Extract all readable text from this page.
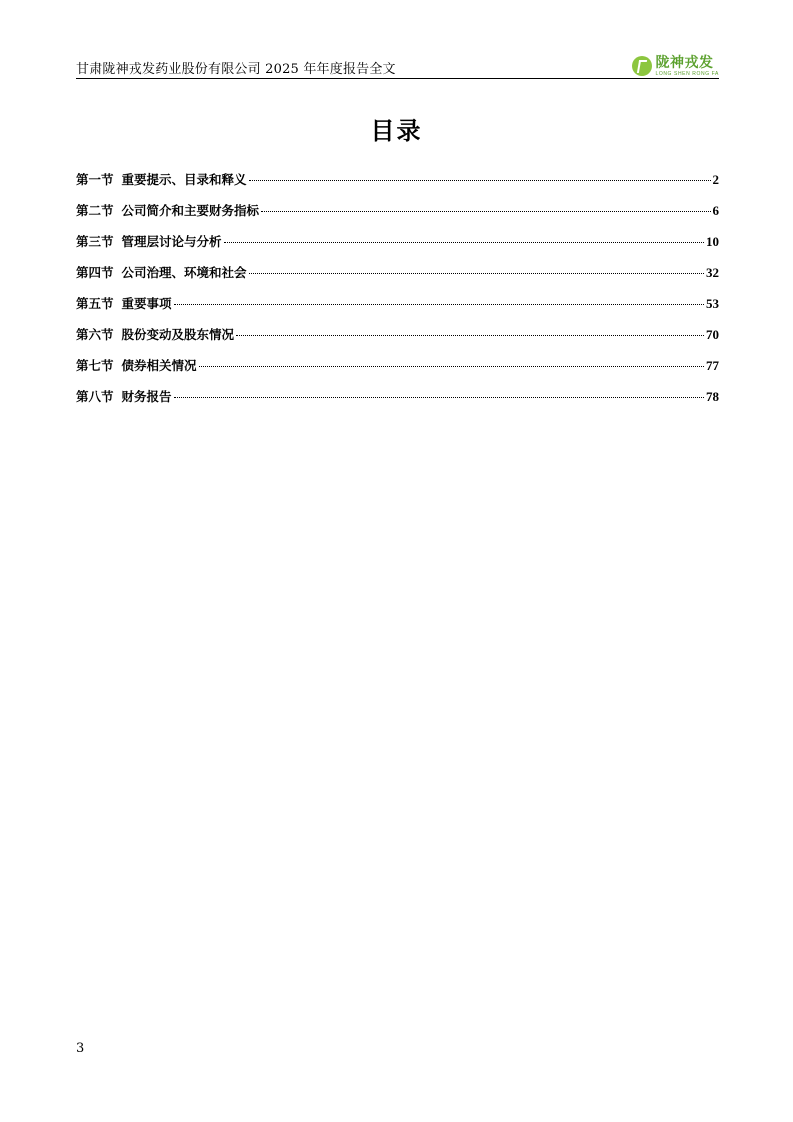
甘肃陇神戎发药业股份有限公司 2025 年年度报告全文	陇神戎发
LONG SHEN RONG FA
目录
第一节 重要提示、目录和释义	2
第二节 公司简介和主要财务指标	6
第三节 管理层讨论与分析	10
第四节 公司治理、环境和社会	32
第五节 重要事项	53
第六节 股份变动及股东情况	70
第七节 债券相关情况	77
第八节 财务报告	78
3
